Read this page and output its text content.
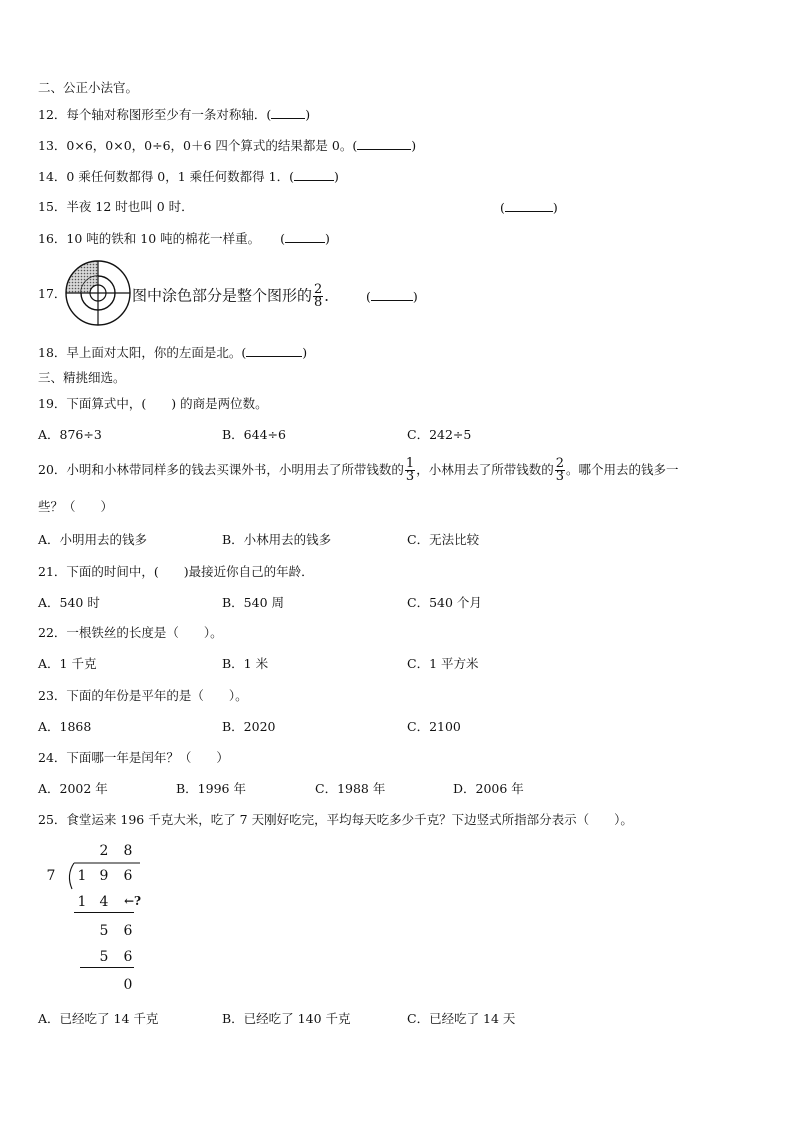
二、公正小法官。
12．每个轴对称图形至少有一条对称轴．(	)
13．0×6，0×0，0÷6，0＋6 四个算式的结果都是 0。(	)
14．0 乘任何数都得 0，1 乘任何数都得 1．(	)
15．半夜 12 时也叫 0 时．	(	)
16．10 吨的铁和 10 吨的棉花一样重。 (	)
17．	图中涂色部分是整个图形的 $\frac{2}{8}$ ． (	)
18．早上面对太阳，你的左面是北。(	)
三、精挑细选。
19．下面算式中，(　　) 的商是两位数。
A．876÷3	B．644÷6	C．242÷5
20．小明和小林带同样多的钱去买课外书，小明用去了所带钱数的 $\frac{1}{3}$ ，小林用去了所带钱数的 $\frac{2}{3}$ 。哪个用去的钱多一
些？（　　）
A．小明用去的钱多	B．小林用去的钱多	C．无法比较
21．下面的时间中，(　　)最接近你自己的年龄．
A．540 时	B．540 周	C．540 个月
22．一根铁丝的长度是（　　）。
A．1 千克	B．1 米	C．1 平方米
23．下面的年份是平年的是（　　）。
A．1868	B．2020	C．2100
24．下面哪一年是闰年？（　　）
A．2002 年	B．1996 年	C．1988 年	D．2006 年
25．食堂运来 196 千克大米，吃了 7 天刚好吃完，平均每天吃多少千克？下边竖式所指部分表示（　　）。
2 8
7 1 9 6
1 4 ←?
5 6
5 6
0
A．已经吃了 14 千克	B．已经吃了 140 千克	C．已经吃了 14 天
